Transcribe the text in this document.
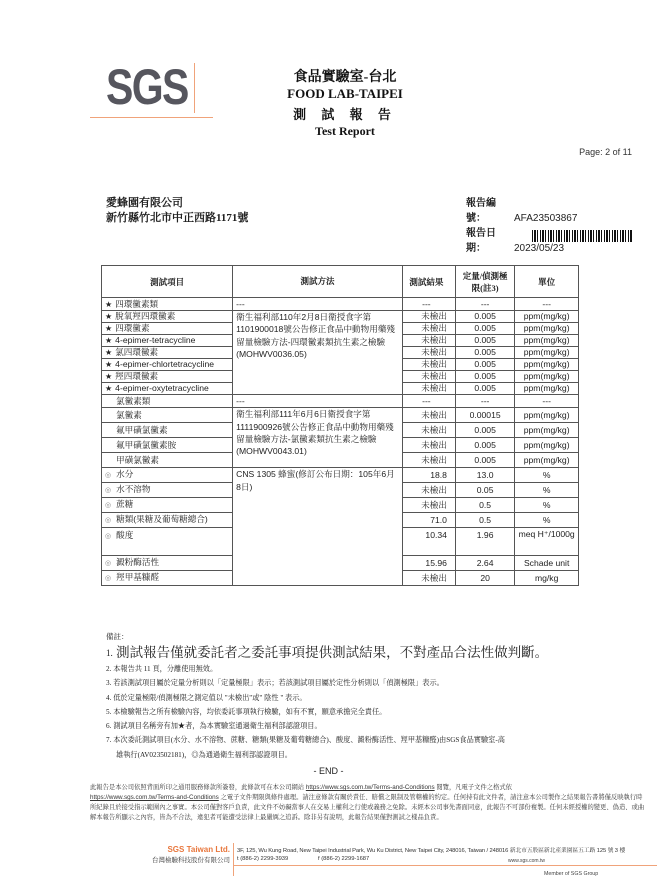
SGS	食品實驗室-台北
FOOD LAB-TAIPEI
測 試 報 告
Test Report
Page: 2 of 11
愛蜂園有限公司
新竹縣竹北市中正西路1171號
報告編號：	AFA23503867
報告日期：	2023/05/23
測試項目	測試方法	測試結果	定量/偵測極限(註3)	單位
★ 四環黴素類	---	---	---	---
★ 脫氧羥四環黴素	衛生福利部110年2月8日衛授食字第1101900018號公告修正食品中動物用藥殘留量檢驗方法-四環黴素類抗生素之檢驗(MOHWV0036.05)	未檢出	0.005	ppm(mg/kg)
★ 四環黴素		未檢出	0.005	ppm(mg/kg)
★ 4-epimer-tetracycline		未檢出	0.005	ppm(mg/kg)
★ 氯四環黴素		未檢出	0.005	ppm(mg/kg)
★ 4-epimer-chlortetracycline		未檢出	0.005	ppm(mg/kg)
★ 羥四環黴素		未檢出	0.005	ppm(mg/kg)
★ 4-epimer-oxytetracycline		未檢出	0.005	ppm(mg/kg)
氯黴素類	---	---	---	---
氯黴素	衛生福利部111年6月6日衛授食字第1111900926號公告修正食品中動物用藥殘留量檢驗方法-氯黴素類抗生素之檢驗(MOHWV0043.01)	未檢出	0.00015	ppm(mg/kg)
氟甲磺氯黴素		未檢出	0.005	ppm(mg/kg)
氟甲磺氯黴素胺		未檢出	0.005	ppm(mg/kg)
甲磺氯黴素		未檢出	0.005	ppm(mg/kg)
◎ 水分	CNS 1305 蜂蜜(修訂公布日期：105年6月8日)	18.8	13.0	%
◎ 水不溶物		未檢出	0.05	%
◎ 蔗糖		未檢出	0.5	%
◎ 糖類(果糖及葡萄糖總合)		71.0	0.5	%
◎ 酸度		10.34	1.96	meq H⁺/1000g
◎ 澱粉酶活性		15.96	2.64	Schade unit
◎ 羥甲基糠醛		未檢出	20	mg/kg
備註：
$^{1.}$ 測試報告僅就委託者之委託事項提供測試結果，不對產品合法性做判斷。
2. 本報告共 11 頁，分離使用無效。
3. 若該測試項目屬於定量分析則以「定量極限」表示；若該測試項目屬於定性分析則以「偵測極限」表示。
4. 低於定量極限/偵測極限之測定值以 "未檢出"或" 陰性 " 表示。
5. 本檢驗報告之所有檢驗內容，均依委託事項執行檢驗，如有不實，願意承擔完全責任。
6. 測試項目名稱旁有加★者，為本實驗室通過衛生福利部認證項目。
7. 本次委託測試項目(水分、水不溶物、蔗糖、糖類(果糖及葡萄糖總合)、酸度、澱粉酶活性、羥甲基糠醛)由SGS食品實驗室-高
雄執行(AV023502181)，◎為通過衛生福利部認證項目。
- END -
此報告是本公司依照背面所印之通用服務條款所簽發，此條款可在本公司網站 https://www.sgs.com.tw/Terms-and-Conditions 閱覽，凡電子文件之格式依
https://www.sgs.com.tw/Terms-and-Conditions 之電子文件期限與條件處理。請注意條款有關於責任、賠償之限制及管轄權的約定。任何持有此文件者，請注意本公司製作之結果報告書將僅反映執行時所紀錄且於接受指示範圍內之事實。本公司僅對客戶負責，此文件不妨礙當事人在交易上權利之行使或義務之免除。未經本公司事先書面同意，此報告不可部份複製。任何未經授權的變更、偽造、或曲解本報告所顯示之內容，皆為不合法，違犯者可能遭受法律上最嚴厲之追訴。除非另有說明，此報告結果僅對測試之樣品負責。
SGS Taiwan Ltd.
台灣檢驗科技股份有限公司
3F, 125, Wu Kung Road, New Taipei Industrial Park, Wu Ku District, New Taipei City, 248016, Taiwan / 248016 新北市五股區新北產業園區五工路 125 號 3 樓
t (886-2) 2299-3939	f (886-2) 2299-1687	www.sgs.com.tw
Member of SGS Group
